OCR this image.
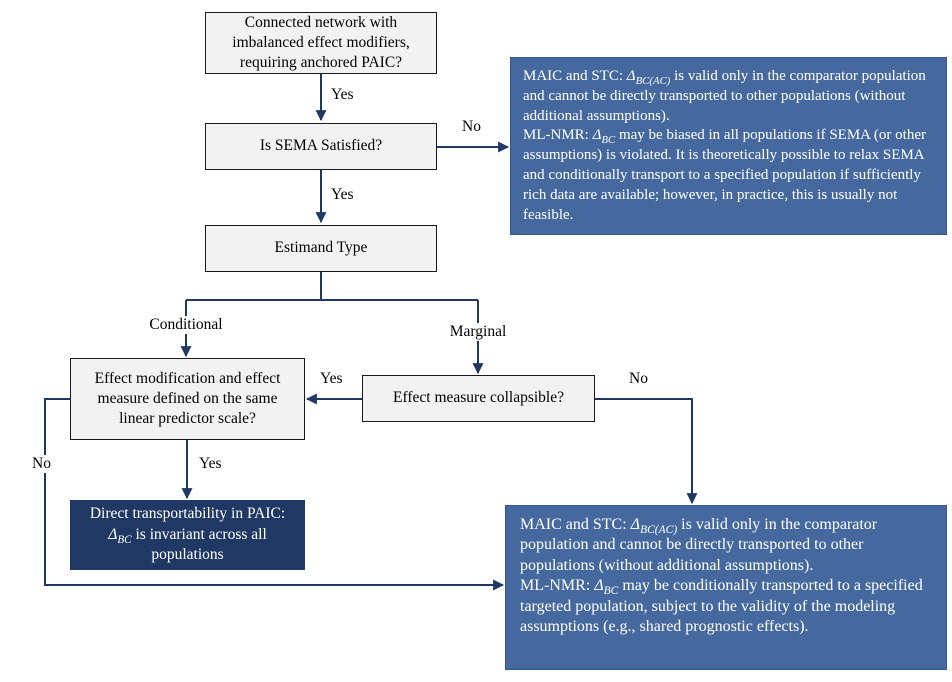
Connected network with imbalanced effect modifiers, requiring anchored PAIC?
Is SEMA Satisfied?
Estimand Type
Effect modification and effect measure defined on the same linear predictor scale?
Effect measure collapsible?

MAIC and STC: $\Delta_{BC(AC)}$ is valid only in the comparator population and cannot be directly transported to other populations (without additional assumptions).

ML-NMR: $\Delta_{BC}$ may be biased in all populations if SEMA (or other assumptions) is violated. It is theoretically possible to relax SEMA and conditionally transport to a specified population if sufficiently rich data are available; however, in practice, this is usually not feasible.

Direct transportability in PAIC: $\Delta_{BC}$ is invariant across all populations

MAIC and STC: $\Delta_{BC(AC)}$ is valid only in the comparator population and cannot be directly transported to other populations (without additional assumptions).

ML-NMR: $\Delta_{BC}$ may be conditionally transported to a specified targeted population, subject to the validity of the modeling assumptions (e.g., shared prognostic effects).

Yes
No
Yes
Conditional	Marginal
Yes	No
Yes
No
